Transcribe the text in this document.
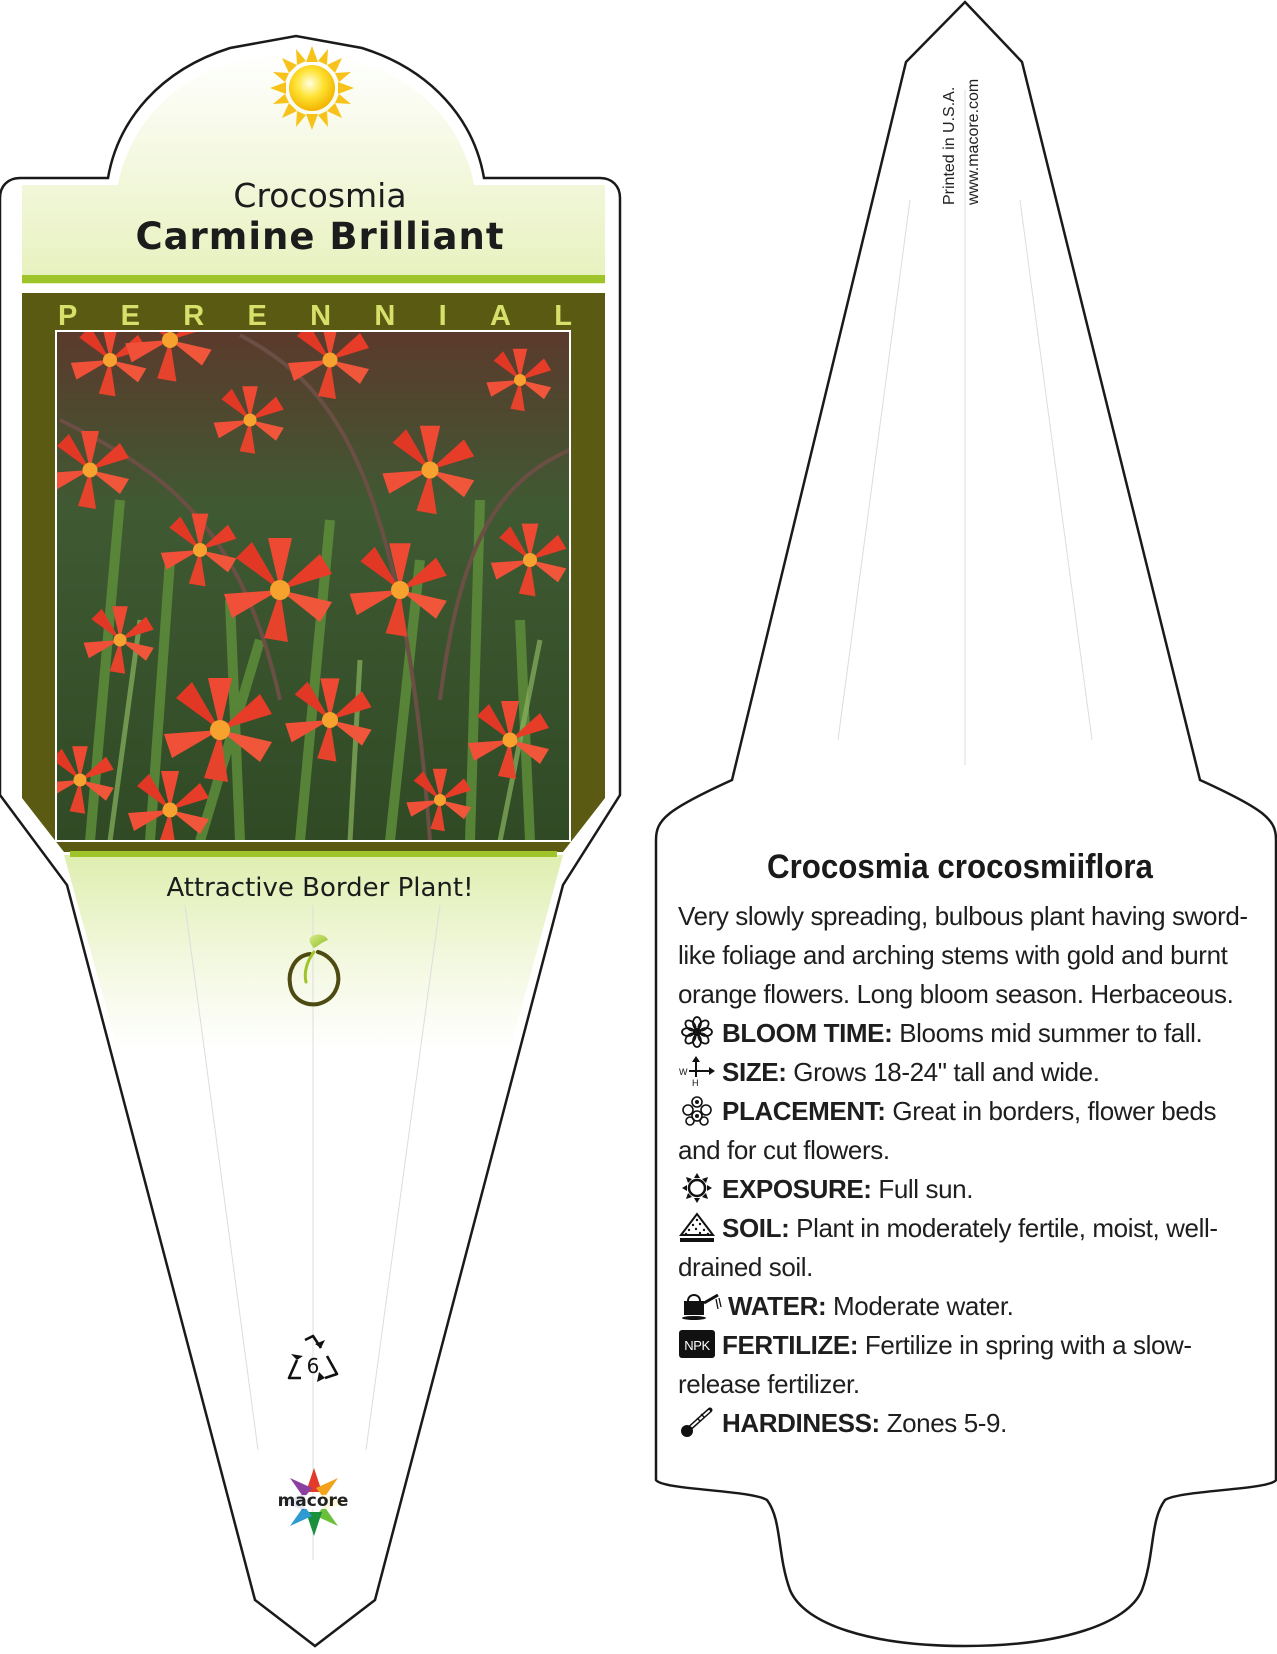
Crocosmia
Carmine Brilliant
P E R E N N I A L
Attractive Border Plant!
6
macore
Printed in U.S.A. www.macore.com
Crocosmia crocosmiiflora

Very slowly spreading, bulbous plant having sword-like foliage and arching stems with gold and burnt orange flowers. Long bloom season. Herbaceous.

BLOOM TIME: Blooms mid summer to fall.
W
H SIZE: Grows 18-24" tall and wide.
PLACEMENT: Great in borders, flower beds and for cut flowers.
EXPOSURE: Full sun.
SOIL: Plant in moderately fertile, moist, well-drained soil.
WATER: Moderate water.
NPK FERTILIZE: Fertilize in spring with a slow-release fertilizer.
HARDINESS: Zones 5-9.
